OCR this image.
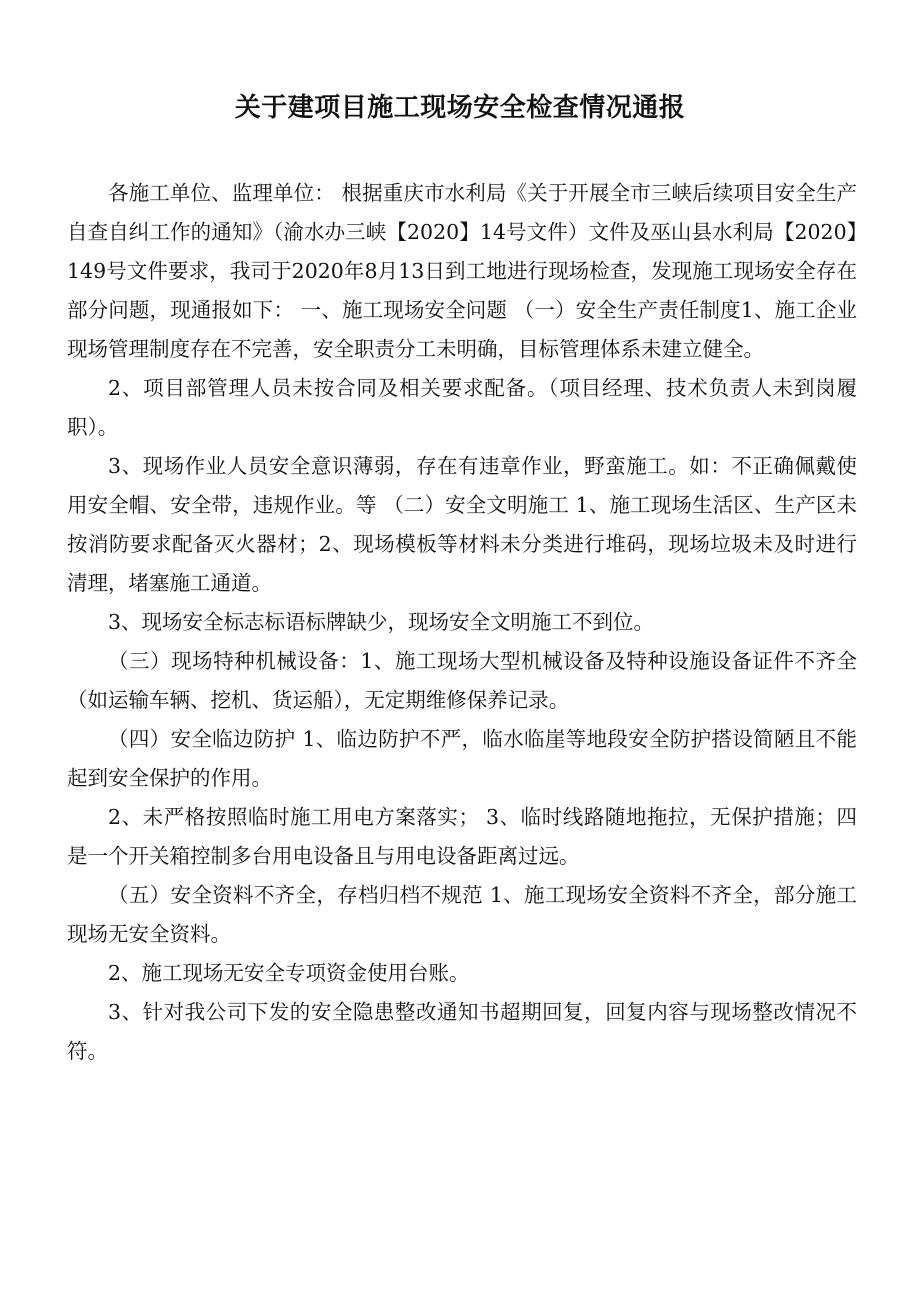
关于建项目施工现场安全检查情况通报

各施工单位、监理单位： 根据重庆市水利局《关于开展全市三峡后续项目安全生产自查自纠工作的通知》（渝水办三峡【2020】14号文件）文件及巫山县水利局【2020】149号文件要求，我司于2020年8月13日到工地进行现场检查，发现施工现场安全存在部分问题，现通报如下： 一、施工现场安全问题 （一）安全生产责任制度1、施工企业现场管理制度存在不完善，安全职责分工未明确，目标管理体系未建立健全。

2、项目部管理人员未按合同及相关要求配备。（项目经理、技术负责人未到岗履职）。

3、现场作业人员安全意识薄弱，存在有违章作业，野蛮施工。如：不正确佩戴使用安全帽、安全带，违规作业。等 （二）安全文明施工 1、施工现场生活区、生产区未按消防要求配备灭火器材；2、现场模板等材料未分类进行堆码，现场垃圾未及时进行清理，堵塞施工通道。

3、现场安全标志标语标牌缺少，现场安全文明施工不到位。

（三）现场特种机械设备：1、施工现场大型机械设备及特种设施设备证件不齐全（如运输车辆、挖机、货运船），无定期维修保养记录。

（四）安全临边防护 1、临边防护不严，临水临崖等地段安全防护搭设简陋且不能起到安全保护的作用。

2、未严格按照临时施工用电方案落实； 3、临时线路随地拖拉，无保护措施；四是一个开关箱控制多台用电设备且与用电设备距离过远。

（五）安全资料不齐全，存档归档不规范 1、施工现场安全资料不齐全，部分施工现场无安全资料。

2、施工现场无安全专项资金使用台账。

3、针对我公司下发的安全隐患整改通知书超期回复，回复内容与现场整改情况不符。
